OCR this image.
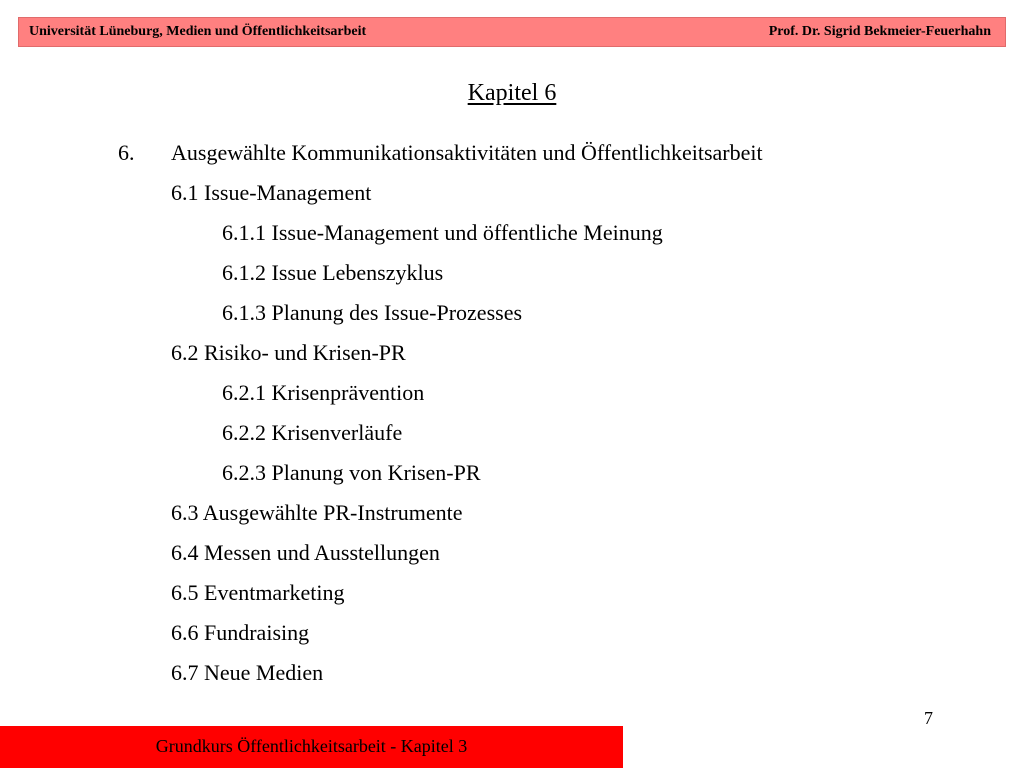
Universität Lüneburg, Medien und Öffentlichkeitsarbeit	Prof. Dr. Sigrid Bekmeier-Feuerhahn
Kapitel 6
6. Ausgewählte Kommunikationsaktivitäten und Öffentlichkeitsarbeit
6.1 Issue-Management
6.1.1 Issue-Management und öffentliche Meinung
6.1.2 Issue Lebenszyklus
6.1.3 Planung des Issue-Prozesses
6.2 Risiko- und Krisen-PR
6.2.1 Krisenprävention
6.2.2 Krisenverläufe
6.2.3 Planung von Krisen-PR
6.3 Ausgewählte PR-Instrumente
6.4 Messen und Ausstellungen
6.5 Eventmarketing
6.6 Fundraising
6.7 Neue Medien
7
Grundkurs Öffentlichkeitsarbeit - Kapitel 3
